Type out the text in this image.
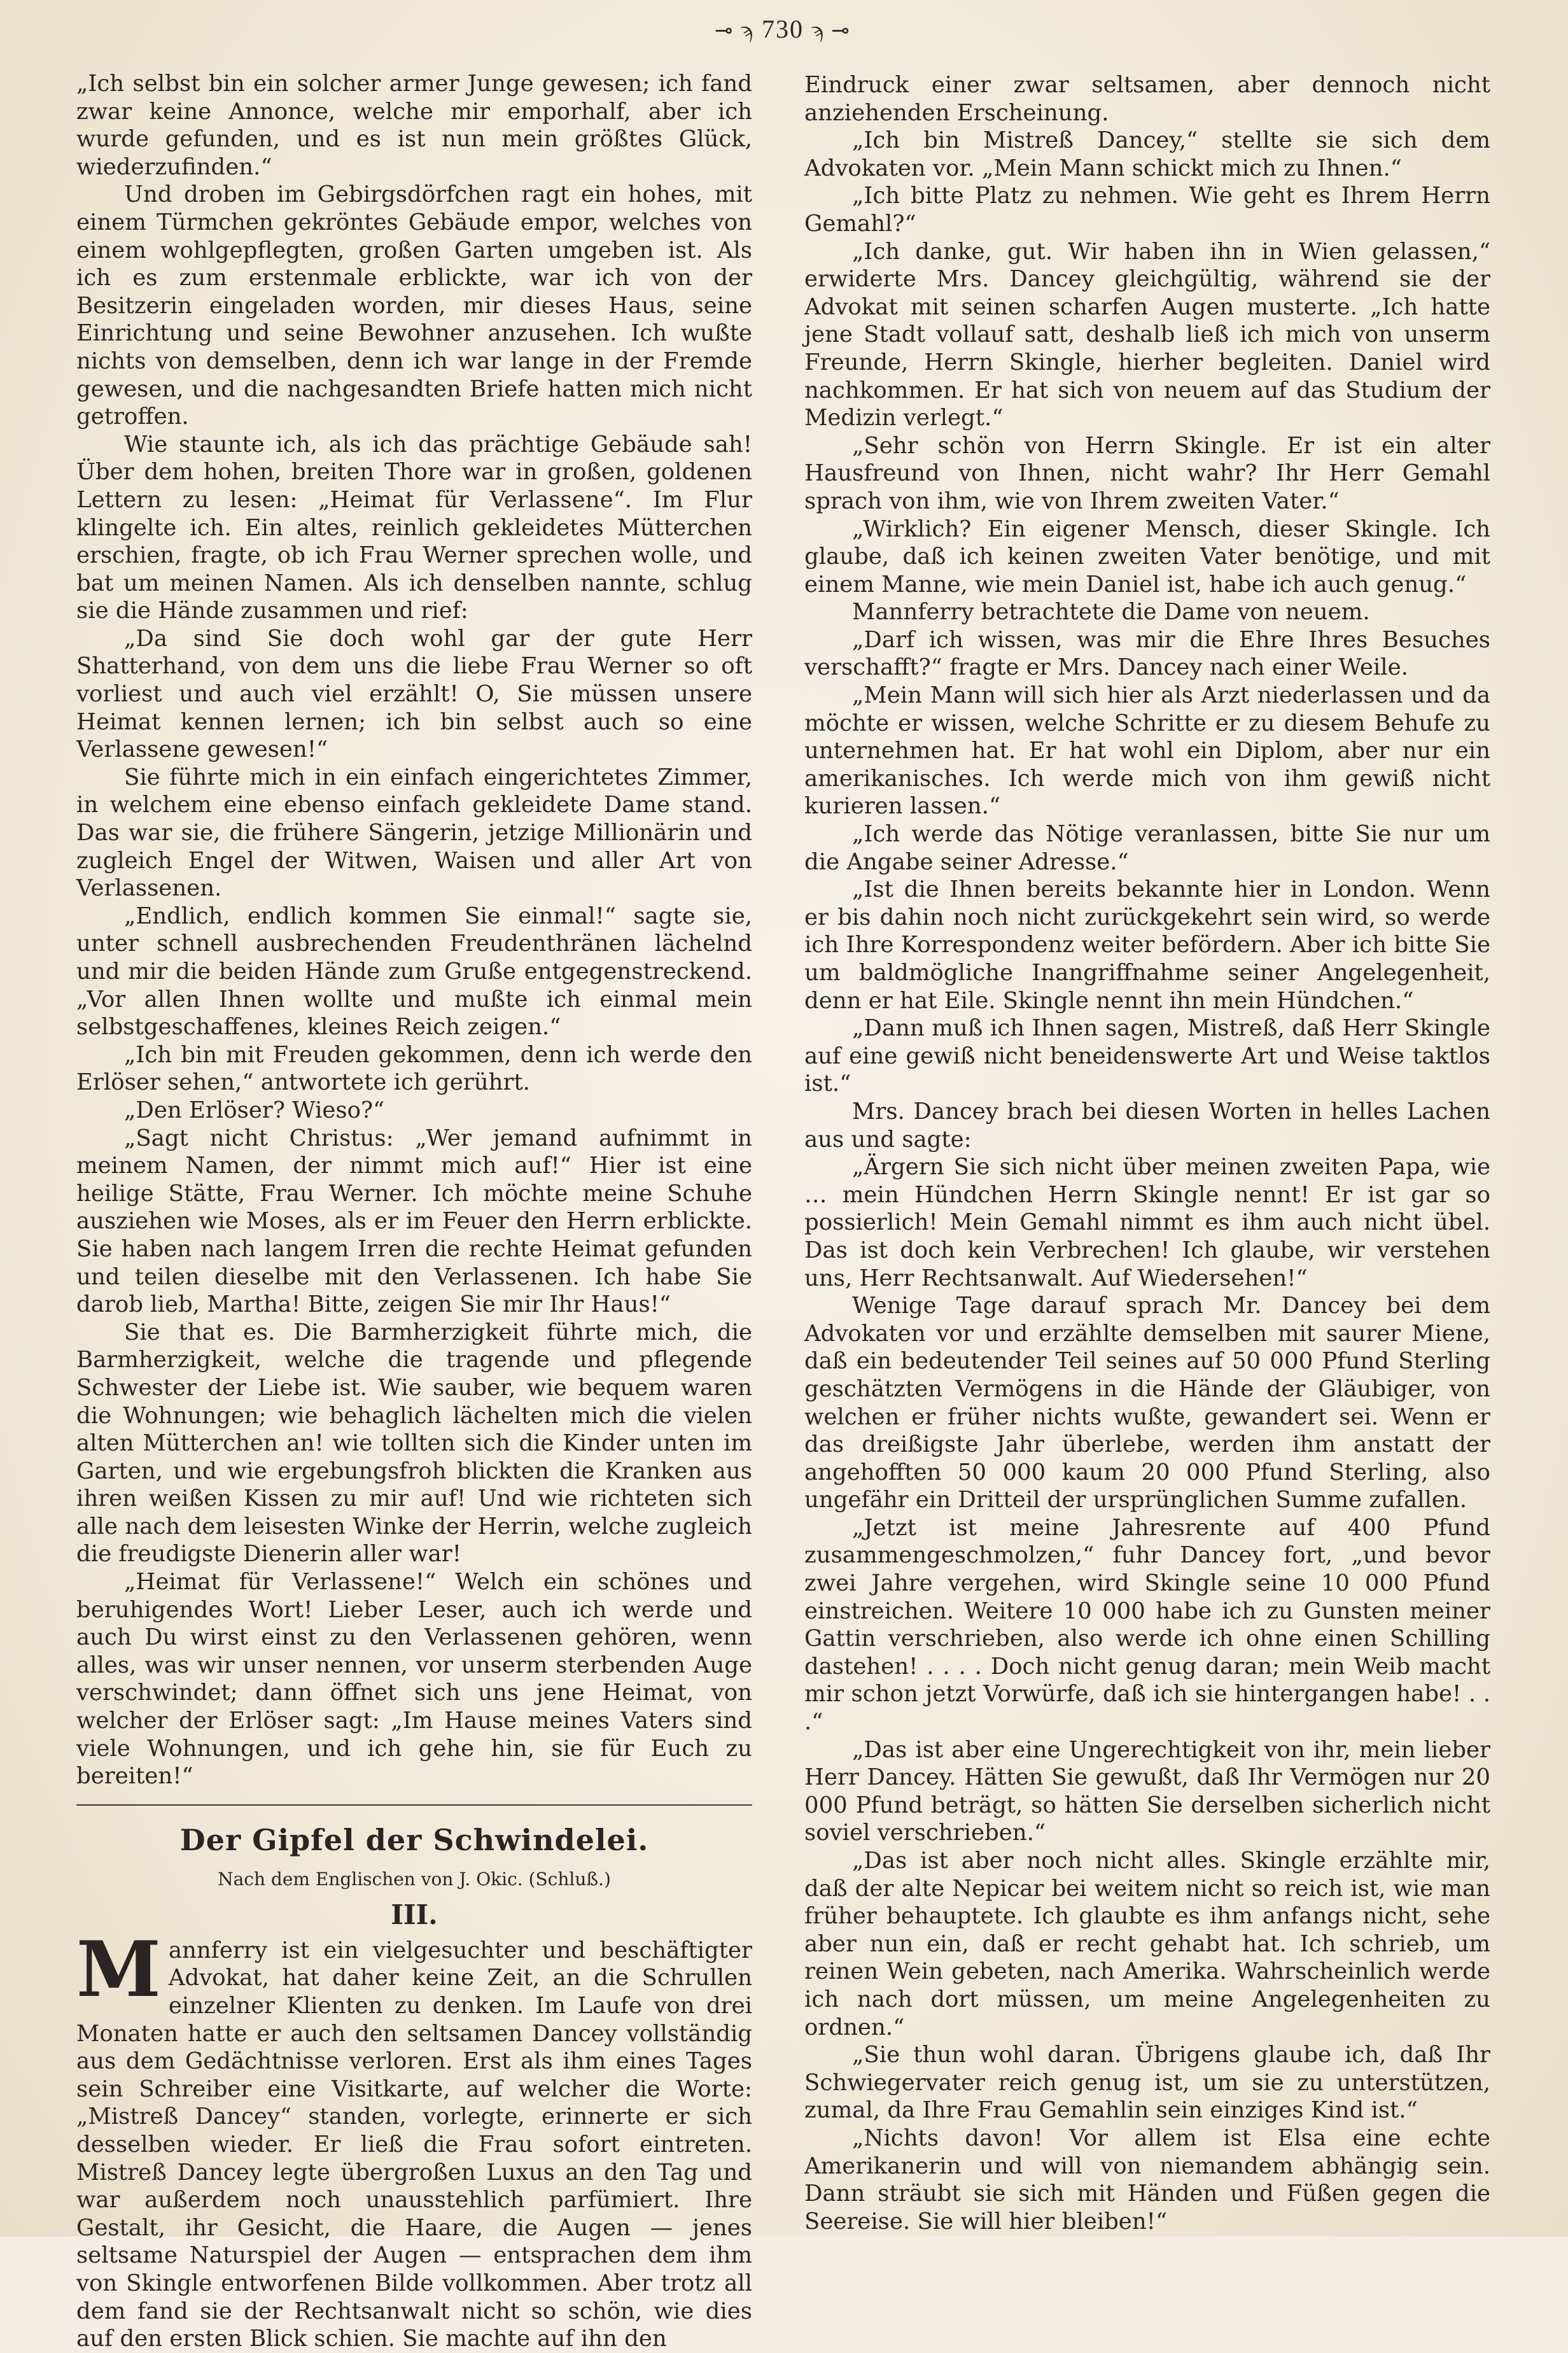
⊸ ϡ 730 ϡ ⊸

„Ich selbst bin ein solcher armer Junge gewesen; ich fand zwar keine Annonce, welche mir emporhalf, aber ich wurde gefunden, und es ist nun mein größtes Glück, wiederzufinden.“

Und droben im Gebirgsdörfchen ragt ein hohes, mit einem Türmchen gekröntes Gebäude empor, welches von einem wohlgepflegten, großen Garten umgeben ist. Als ich es zum erstenmale erblickte, war ich von der Besitzerin eingeladen worden, mir dieses Haus, seine Einrichtung und seine Bewohner anzusehen. Ich wußte nichts von demselben, denn ich war lange in der Fremde gewesen, und die nachgesandten Briefe hatten mich nicht getroffen.

Wie staunte ich, als ich das prächtige Gebäude sah! Über dem hohen, breiten Thore war in großen, goldenen Lettern zu lesen: „Heimat für Verlassene“. Im Flur klingelte ich. Ein altes, reinlich gekleidetes Mütterchen erschien, fragte, ob ich Frau Werner sprechen wolle, und bat um meinen Namen. Als ich denselben nannte, schlug sie die Hände zusammen und rief:

„Da sind Sie doch wohl gar der gute Herr Shatterhand, von dem uns die liebe Frau Werner so oft vorliest und auch viel erzählt! O, Sie müssen unsere Heimat kennen lernen; ich bin selbst auch so eine Verlassene gewesen!“

Sie führte mich in ein einfach eingerichtetes Zimmer, in welchem eine ebenso einfach gekleidete Dame stand. Das war sie, die frühere Sängerin, jetzige Millionärin und zugleich Engel der Witwen, Waisen und aller Art von Verlassenen.

„Endlich, endlich kommen Sie einmal!“ sagte sie, unter schnell ausbrechenden Freudenthränen lächelnd und mir die beiden Hände zum Gruße entgegenstreckend. „Vor allen Ihnen wollte und mußte ich einmal mein selbstgeschaffenes, kleines Reich zeigen.“

„Ich bin mit Freuden gekommen, denn ich werde den Erlöser sehen,“ antwortete ich gerührt.

„Den Erlöser? Wieso?“

„Sagt nicht Christus: „Wer jemand aufnimmt in meinem Namen, der nimmt mich auf!“ Hier ist eine heilige Stätte, Frau Werner. Ich möchte meine Schuhe ausziehen wie Moses, als er im Feuer den Herrn erblickte. Sie haben nach langem Irren die rechte Heimat gefunden und teilen dieselbe mit den Verlassenen. Ich habe Sie darob lieb, Martha! Bitte, zeigen Sie mir Ihr Haus!“

Sie that es. Die Barmherzigkeit führte mich, die Barmherzigkeit, welche die tragende und pflegende Schwester der Liebe ist. Wie sauber, wie bequem waren die Wohnungen; wie behaglich lächelten mich die vielen alten Mütterchen an! wie tollten sich die Kinder unten im Garten, und wie ergebungsfroh blickten die Kranken aus ihren weißen Kissen zu mir auf! Und wie richteten sich alle nach dem leisesten Winke der Herrin, welche zugleich die freudigste Dienerin aller war!

„Heimat für Verlassene!“ Welch ein schönes und beruhigendes Wort! Lieber Leser, auch ich werde und auch Du wirst einst zu den Verlassenen gehören, wenn alles, was wir unser nennen, vor unserm sterbenden Auge verschwindet; dann öffnet sich uns jene Heimat, von welcher der Erlöser sagt: „Im Hause meines Vaters sind viele Wohnungen, und ich gehe hin, sie für Euch zu bereiten!“

Der Gipfel der Schwindelei.
Nach dem Englischen von J. Okic. (Schluß.)
III.

Mannferry ist ein vielgesuchter und beschäftigter Advokat, hat daher keine Zeit, an die Schrullen einzelner Klienten zu denken. Im Laufe von drei Monaten hatte er auch den seltsamen Dancey vollständig aus dem Gedächtnisse verloren. Erst als ihm eines Tages sein Schreiber eine Visitkarte, auf welcher die Worte: „Mistreß Dancey“ standen, vorlegte, erinnerte er sich desselben wieder. Er ließ die Frau sofort eintreten. Mistreß Dancey legte übergroßen Luxus an den Tag und war außerdem noch unausstehlich parfümiert. Ihre Gestalt, ihr Gesicht, die Haare, die Augen — jenes seltsame Naturspiel der Augen — entsprachen dem ihm von Skingle entworfenen Bilde vollkommen. Aber trotz all dem fand sie der Rechtsanwalt nicht so schön, wie dies auf den ersten Blick schien. Sie machte auf ihn den

Eindruck einer zwar seltsamen, aber dennoch nicht anziehenden Erscheinung.

„Ich bin Mistreß Dancey,“ stellte sie sich dem Advokaten vor. „Mein Mann schickt mich zu Ihnen.“

„Ich bitte Platz zu nehmen. Wie geht es Ihrem Herrn Gemahl?“

„Ich danke, gut. Wir haben ihn in Wien gelassen,“ erwiderte Mrs. Dancey gleichgültig, während sie der Advokat mit seinen scharfen Augen musterte. „Ich hatte jene Stadt vollauf satt, deshalb ließ ich mich von unserm Freunde, Herrn Skingle, hierher begleiten. Daniel wird nachkommen. Er hat sich von neuem auf das Studium der Medizin verlegt.“

„Sehr schön von Herrn Skingle. Er ist ein alter Hausfreund von Ihnen, nicht wahr? Ihr Herr Gemahl sprach von ihm, wie von Ihrem zweiten Vater.“

„Wirklich? Ein eigener Mensch, dieser Skingle. Ich glaube, daß ich keinen zweiten Vater benötige, und mit einem Manne, wie mein Daniel ist, habe ich auch genug.“

Mannferry betrachtete die Dame von neuem.

„Darf ich wissen, was mir die Ehre Ihres Besuches verschafft?“ fragte er Mrs. Dancey nach einer Weile.

„Mein Mann will sich hier als Arzt niederlassen und da möchte er wissen, welche Schritte er zu diesem Behufe zu unternehmen hat. Er hat wohl ein Diplom, aber nur ein amerikanisches. Ich werde mich von ihm gewiß nicht kurieren lassen.“

„Ich werde das Nötige veranlassen, bitte Sie nur um die Angabe seiner Adresse.“

„Ist die Ihnen bereits bekannte hier in London. Wenn er bis dahin noch nicht zurückgekehrt sein wird, so werde ich Ihre Korrespondenz weiter befördern. Aber ich bitte Sie um baldmögliche Inangriffnahme seiner Angelegenheit, denn er hat Eile. Skingle nennt ihn mein Hündchen.“

„Dann muß ich Ihnen sagen, Mistreß, daß Herr Skingle auf eine gewiß nicht beneidenswerte Art und Weise taktlos ist.“

Mrs. Dancey brach bei diesen Worten in helles Lachen aus und sagte:

„Ärgern Sie sich nicht über meinen zweiten Papa, wie … mein Hündchen Herrn Skingle nennt! Er ist gar so possierlich! Mein Gemahl nimmt es ihm auch nicht übel. Das ist doch kein Verbrechen! Ich glaube, wir verstehen uns, Herr Rechtsanwalt. Auf Wiedersehen!“

Wenige Tage darauf sprach Mr. Dancey bei dem Advokaten vor und erzählte demselben mit saurer Miene, daß ein bedeutender Teil seines auf 50 000 Pfund Sterling geschätzten Vermögens in die Hände der Gläubiger, von welchen er früher nichts wußte, gewandert sei. Wenn er das dreißigste Jahr überlebe, werden ihm anstatt der angehofften 50 000 kaum 20 000 Pfund Sterling, also ungefähr ein Dritteil der ursprünglichen Summe zufallen.

„Jetzt ist meine Jahresrente auf 400 Pfund zusammengeschmolzen,“ fuhr Dancey fort, „und bevor zwei Jahre vergehen, wird Skingle seine 10 000 Pfund einstreichen. Weitere 10 000 habe ich zu Gunsten meiner Gattin verschrieben, also werde ich ohne einen Schilling dastehen! . . . . Doch nicht genug daran; mein Weib macht mir schon jetzt Vorwürfe, daß ich sie hintergangen habe! . . .“

„Das ist aber eine Ungerechtigkeit von ihr, mein lieber Herr Dancey. Hätten Sie gewußt, daß Ihr Vermögen nur 20 000 Pfund beträgt, so hätten Sie derselben sicherlich nicht soviel verschrieben.“

„Das ist aber noch nicht alles. Skingle erzählte mir, daß der alte Nepicar bei weitem nicht so reich ist, wie man früher behauptete. Ich glaubte es ihm anfangs nicht, sehe aber nun ein, daß er recht gehabt hat. Ich schrieb, um reinen Wein gebeten, nach Amerika. Wahrscheinlich werde ich nach dort müssen, um meine Angelegenheiten zu ordnen.“

„Sie thun wohl daran. Übrigens glaube ich, daß Ihr Schwiegervater reich genug ist, um sie zu unterstützen, zumal, da Ihre Frau Gemahlin sein einziges Kind ist.“

„Nichts davon! Vor allem ist Elsa eine echte Amerikanerin und will von niemandem abhängig sein. Dann sträubt sie sich mit Händen und Füßen gegen die Seereise. Sie will hier bleiben!“
